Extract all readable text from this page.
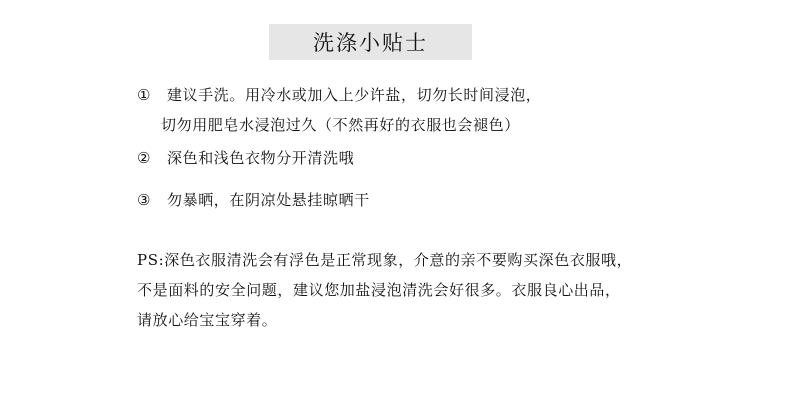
洗涤小贴士
① 建议手洗。用冷水或加入上少许盐，切勿长时间浸泡，
切勿用肥皂水浸泡过久（不然再好的衣服也会褪色）
② 深色和浅色衣物分开清洗哦
③ 勿暴晒，在阴凉处悬挂晾晒干
PS:深色衣服清洗会有浮色是正常现象，介意的亲不要购买深色衣服哦，
不是面料的安全问题，建议您加盐浸泡清洗会好很多。衣服良心出品，
请放心给宝宝穿着。
